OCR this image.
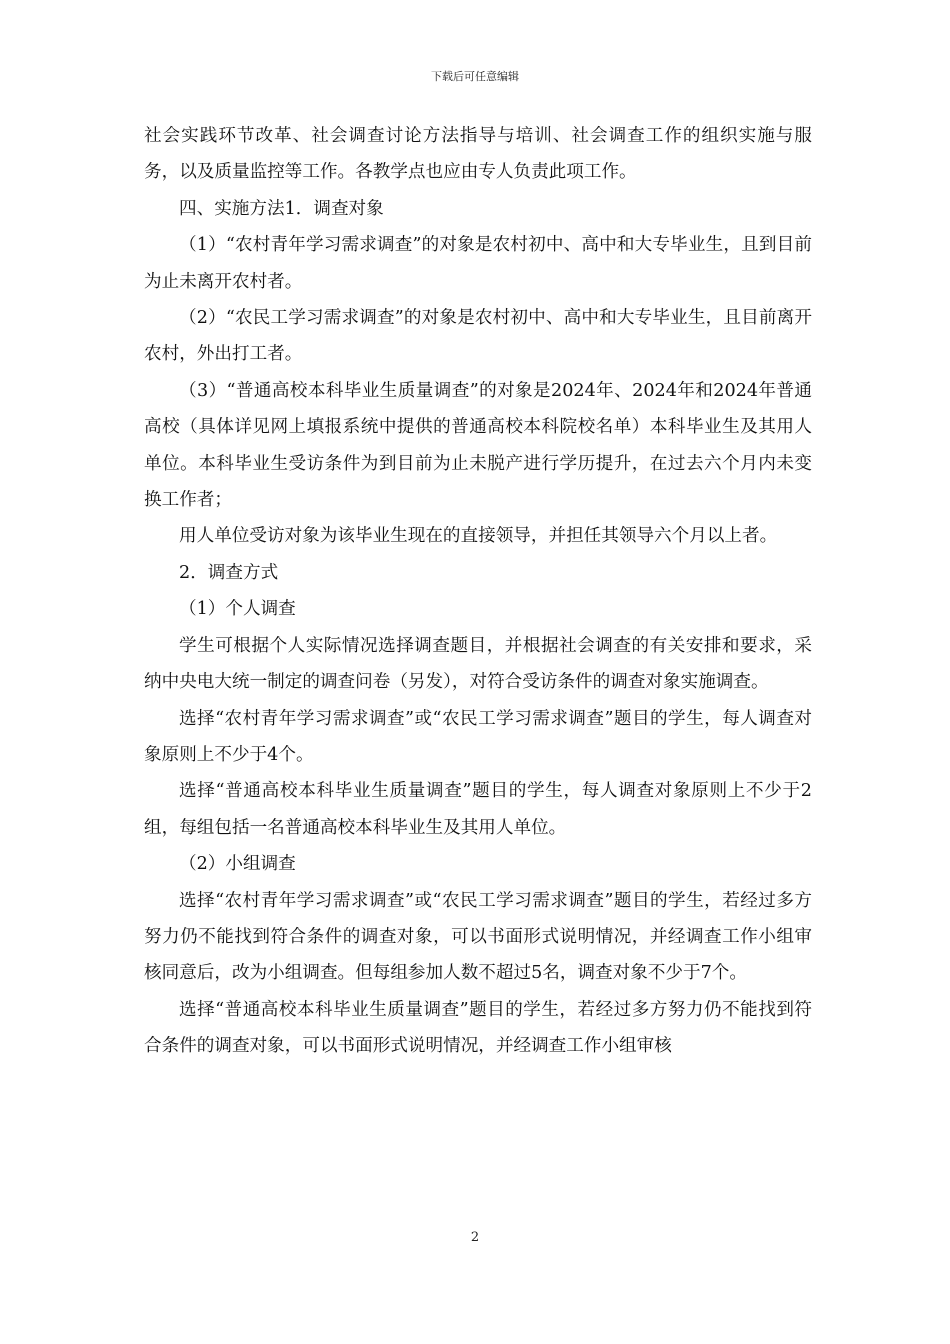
下载后可任意编辑

社会实践环节改革、社会调查讨论方法指导与培训、社会调查工作的组织实施与服务，以及质量监控等工作。各教学点也应由专人负责此项工作。

四、实施方法1．调查对象

（1）“农村青年学习需求调查”的对象是农村初中、高中和大专毕业生，且到目前为止未离开农村者。

（2）“农民工学习需求调查”的对象是农村初中、高中和大专毕业生，且目前离开农村，外出打工者。

（3）“普通高校本科毕业生质量调查”的对象是2024年、2024年和2024年普通高校（具体详见网上填报系统中提供的普通高校本科院校名单）本科毕业生及其用人单位。本科毕业生受访条件为到目前为止未脱产进行学历提升，在过去六个月内未变换工作者；

用人单位受访对象为该毕业生现在的直接领导，并担任其领导六个月以上者。

2．调查方式

（1）个人调查

学生可根据个人实际情况选择调查题目，并根据社会调查的有关安排和要求，采纳中央电大统一制定的调查问卷（另发），对符合受访条件的调查对象实施调查。

选择“农村青年学习需求调查”或“农民工学习需求调查”题目的学生，每人调查对象原则上不少于4个。

选择“普通高校本科毕业生质量调查”题目的学生，每人调查对象原则上不少于2组，每组包括一名普通高校本科毕业生及其用人单位。

（2）小组调查

选择“农村青年学习需求调查”或“农民工学习需求调查”题目的学生，若经过多方努力仍不能找到符合条件的调查对象，可以书面形式说明情况，并经调查工作小组审核同意后，改为小组调查。但每组参加人数不超过5名，调查对象不少于7个。

选择“普通高校本科毕业生质量调查”题目的学生，若经过多方努力仍不能找到符合条件的调查对象，可以书面形式说明情况，并经调查工作小组审核

2
